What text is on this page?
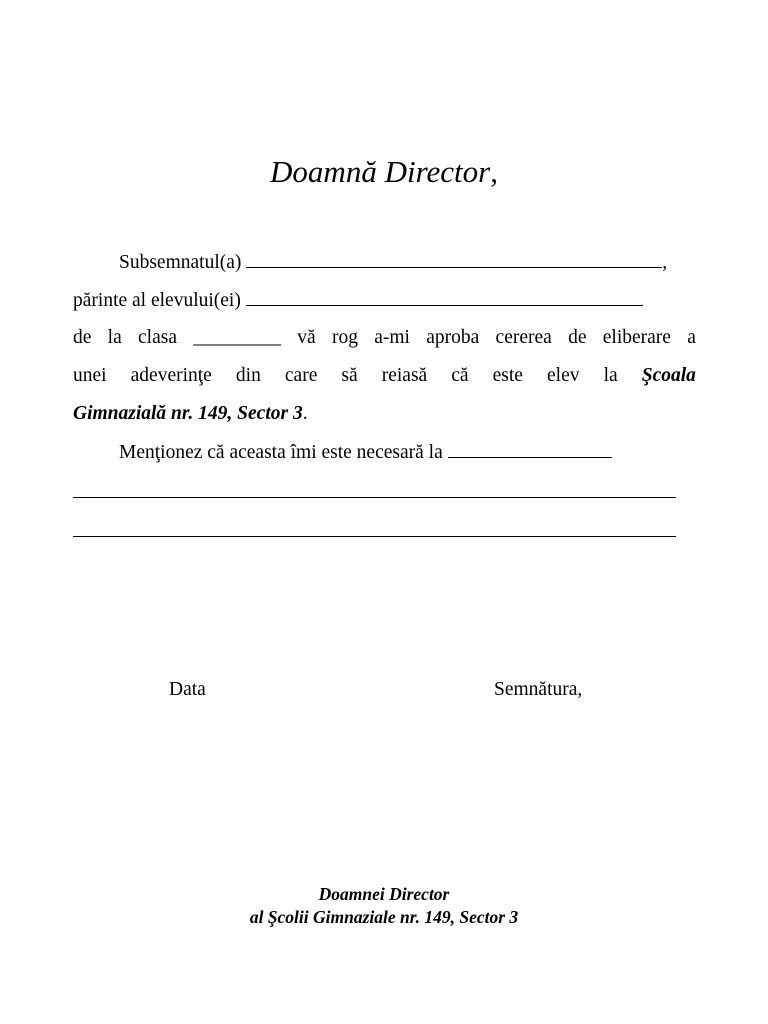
Doamnă Director,
Subsemnatul(a)	,
părinte al elevului(ei)
de la clasa _________ vă rog a-mi aproba cererea de eliberare a
unei adeverinţe din care să reiasă că este elev la Şcoala
Gimnazială nr. 149, Sector 3.
Menţionez că aceasta îmi este necesară la
Data	Semnătura,
Doamnei Director
al Şcolii Gimnaziale nr. 149, Sector 3
